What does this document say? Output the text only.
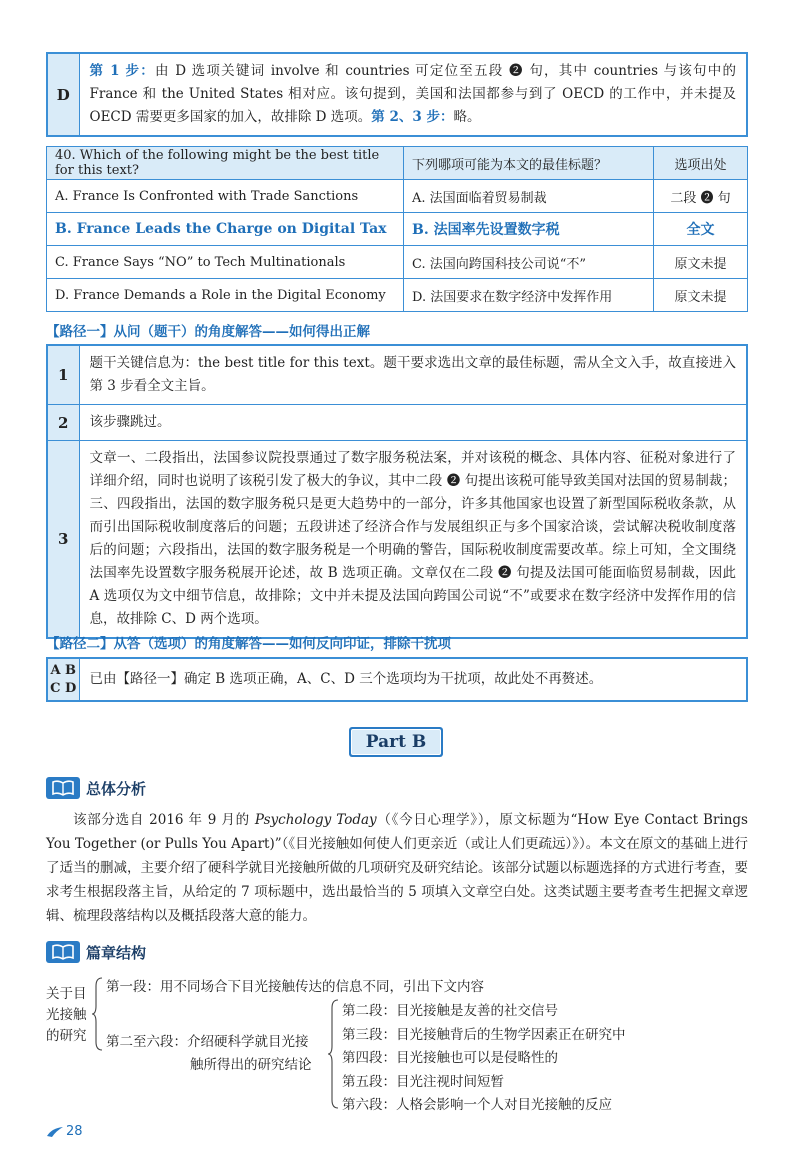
D	第 1 步：由 D 选项关键词 involve 和 countries 可定位至五段 ❷ 句，其中 countries 与该句中的 France 和 the United States 相对应。该句提到，美国和法国都参与到了 OECD 的工作中，并未提及 OECD 需要更多国家的加入，故排除 D 选项。第 2、3 步：略。
40. Which of the following might be the best title for this text?	下列哪项可能为本文的最佳标题？	选项出处
A. France Is Confronted with Trade Sanctions	A. 法国面临着贸易制裁	二段 ❷ 句
B. France Leads the Charge on Digital Tax	B. 法国率先设置数字税	全文
C. France Says “NO” to Tech Multinationals	C. 法国向跨国科技公司说“不”	原文未提
D. France Demands a Role in the Digital Economy	D. 法国要求在数字经济中发挥作用	原文未提
【路径一】从问（题干）的角度解答——如何得出正解
1	题干关键信息为：the best title for this text。题干要求选出文章的最佳标题，需从全文入手，故直接进入第 3 步看全文主旨。
2	该步骤跳过。
3	文章一、二段指出，法国参议院投票通过了数字服务税法案，并对该税的概念、具体内容、征税对象进行了详细介绍，同时也说明了该税引发了极大的争议，其中二段 ❷ 句提出该税可能导致美国对法国的贸易制裁；三、四段指出，法国的数字服务税只是更大趋势中的一部分，许多其他国家也设置了新型国际税收条款，从而引出国际税收制度落后的问题；五段讲述了经济合作与发展组织正与多个国家洽谈，尝试解决税收制度落后的问题；六段指出，法国的数字服务税是一个明确的警告，国际税收制度需要改革。综上可知，全文围绕法国率先设置数字服务税展开论述，故 B 选项正确。文章仅在二段 ❷ 句提及法国可能面临贸易制裁，因此 A 选项仅为文中细节信息，故排除；文中并未提及法国向跨国公司说“不”或要求在数字经济中发挥作用的信息，故排除 C、D 两个选项。
【路径二】从答（选项）的角度解答——如何反向印证，排除干扰项
A B
C D
	已由【路径一】确定 B 选项正确，A、C、D 三个选项均为干扰项，故此处不再赘述。
Part B
总体分析

该部分选自 2016 年 9 月的 Psychology Today（《今日心理学》），原文标题为“How Eye Contact Brings You Together (or Pulls You Apart)”（《目光接触如何使人们更亲近（或让人们更疏远）》）。本文在原文的基础上进行了适当的删减，主要介绍了硬科学就目光接触所做的几项研究及研究结论。该部分试题以标题选择的方式进行考查，要求考生根据段落主旨，从给定的 7 项标题中，选出最恰当的 5 项填入文章空白处。这类试题主要考查考生把握文章逻辑、梳理段落结构以及概括段落大意的能力。

篇章结构
关于目
光接触
的研究
第一段：用不同场合下目光接触传达的信息不同，引出下文内容
第二至六段：介绍硬科学就目光接
触所得出的研究结论
第二段：目光接触是友善的社交信号
第三段：目光接触背后的生物学因素正在研究中
第四段：目光接触也可以是侵略性的
第五段：目光注视时间短暂
第六段：人格会影响一个人对目光接触的反应
28
